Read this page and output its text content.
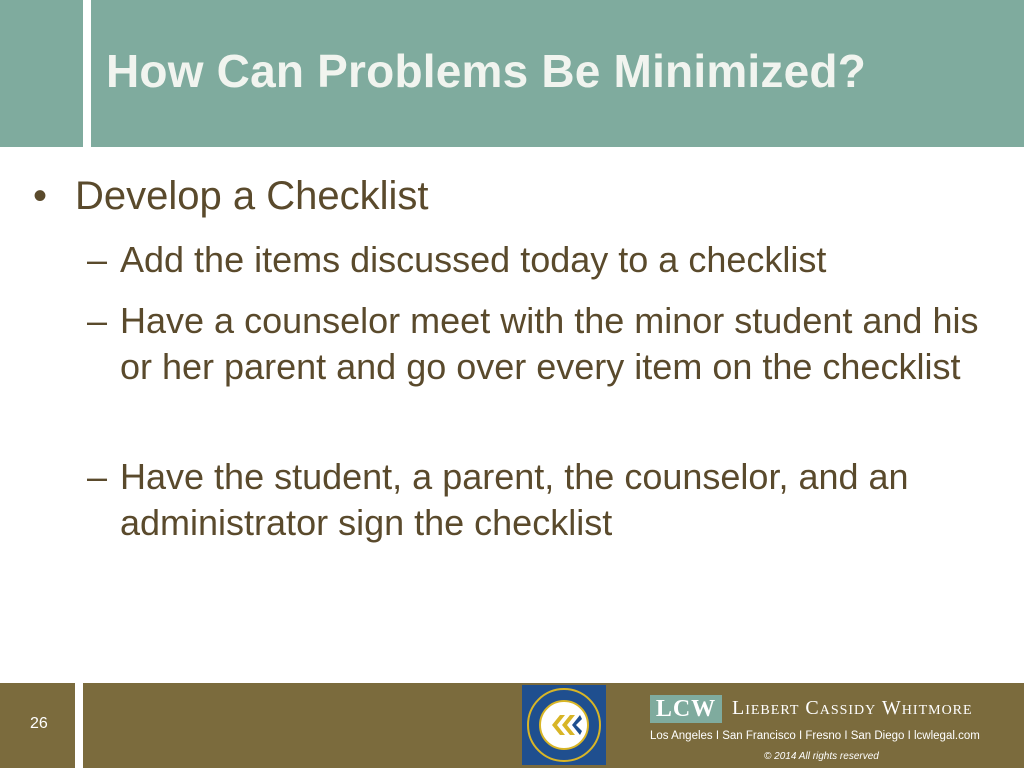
How Can Problems Be Minimized?
• Develop a Checklist
– Add the items discussed today to a checklist
– Have a counselor meet with the minor student and his or her parent and go over every item on the checklist
– Have the student, a parent, the counselor, and an administrator sign the checklist
26
LCW Liebert Cassidy Whitmore
Los Angeles I San Francisco I Fresno I San Diego I lcwlegal.com
© 2014 All rights reserved
